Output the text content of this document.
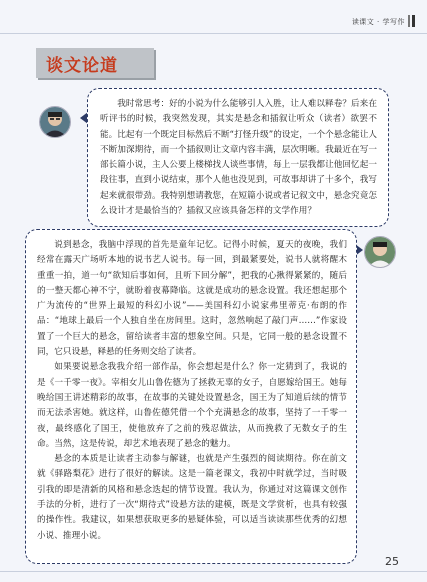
读课文 · 学写作
谈文论道

我时常思考：好的小说为什么能够引人入胜，让人难以释卷？后来在听评书的时候，我突然发现，其实是悬念和插叙让听众（读者）欲罢不能。比起有一个既定目标然后不断“打怪升级”的设定，一个个悬念能让人不断加深期待，而一个插叙则让文章内容丰满，层次明晰。我最近在写一部长篇小说，主人公要上楼梯找人谈些事情，每上一层我都让他回忆起一段往事，直到小说结束，那个人他也没见到，可故事却讲了十多个，我写起来就很带劲。我特别想请教您，在短篇小说或者记叙文中，悬念究竟怎么设计才是最恰当的？插叙又应该具备怎样的文学作用？

说到悬念，我脑中浮现的首先是童年记忆。记得小时候，夏天的夜晚，我们经常在露天广场听本地的说书艺人说书。每一回，到最紧要处，说书人就将醒木重重一拍，道一句“欲知后事如何，且听下回分解”，把我的心揪得紧紧的，随后的一整天都心神不宁，就盼着夜幕降临。这就是成功的悬念设置。我还想起那个广为流传的“世界上最短的科幻小说”——美国科幻小说家弗里蒂克·布朗的作品：“地球上最后一个人独自坐在房间里。这时，忽然响起了敲门声……”作家设置了一个巨大的悬念，留给读者丰富的想象空间。只是，它同一般的悬念设置不同，它只设悬，释悬的任务则交给了读者。

如果要说悬念我我介绍一部作品，你会想起是什么？你一定猜到了，我说的是《一千零一夜》。宰相女儿山鲁佐德为了拯救无辜的女子，自愿嫁给国王。她每晚给国王讲述精彩的故事，在故事的关键处设置悬念，国王为了知道后续的情节而无法杀害她。就这样，山鲁佐德凭借一个个充满悬念的故事，坚持了一千零一夜，最终感化了国王，使他放弃了之前的残忍做法，从而挽救了无数女子的生命。当然，这是传说，却艺术地表现了悬念的魅力。

悬念的本质是让读者主动参与解谜，也就是产生强烈的阅读期待。你在前文就《驿路梨花》进行了很好的解读。这是一篇老课文，我初中时就学过，当时吸引我的即是清新的风格和悬念迭起的情节设置。我认为，你通过对这篇课文创作手法的分析，进行了一次“期待式”设悬方法的建模，既是文学赏析，也具有较强的操作性。我建议，如果想获取更多的悬疑体验，可以适当读读那些优秀的幻想小说、推理小说。

25
